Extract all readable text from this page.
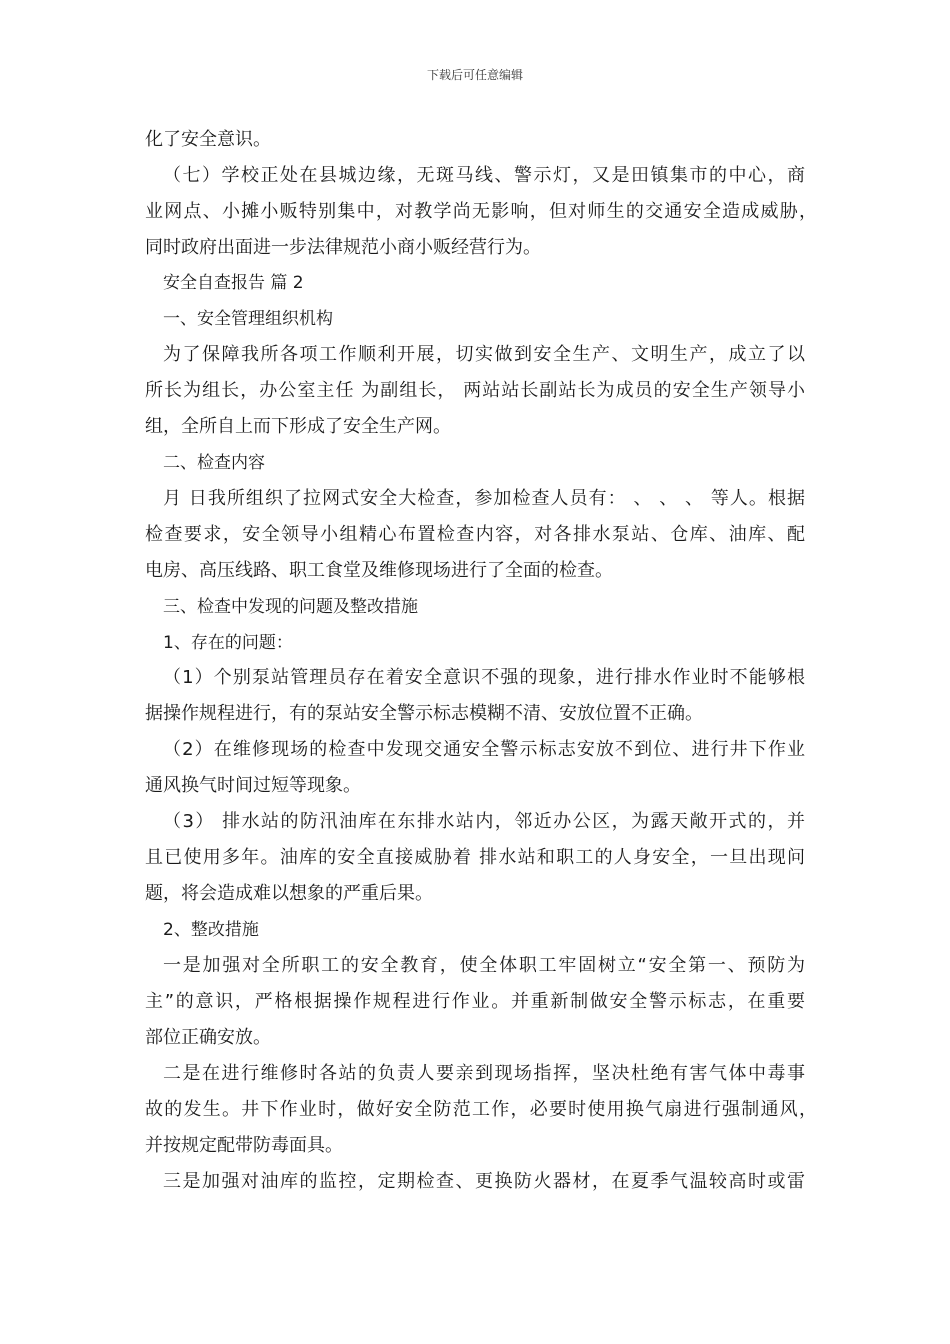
下载后可任意编辑
化了安全意识。
（七）学校正处在县城边缘，无斑马线、警示灯，又是田镇集市的中心，商
业网点、小摊小贩特别集中，对教学尚无影响，但对师生的交通安全造成威胁，
同时政府出面进一步法律规范小商小贩经营行为。
安全自查报告 篇 2
一、安全管理组织机构
为了保障我所各项工作顺利开展，切实做到安全生产、文明生产，成立了以
所长为组长，办公室主任 为副组长， 两站站长副站长为成员的安全生产领导小
组，全所自上而下形成了安全生产网。
二、检查内容
月 日我所组织了拉网式安全大检查，参加检查人员有： 、 、 、 等人。根据
检查要求，安全领导小组精心布置检查内容，对各排水泵站、仓库、油库、配
电房、高压线路、职工食堂及维修现场进行了全面的检查。
三、检查中发现的问题及整改措施
1、存在的问题：
（1）个别泵站管理员存在着安全意识不强的现象，进行排水作业时不能够根
据操作规程进行，有的泵站安全警示标志模糊不清、安放位置不正确。
（2）在维修现场的检查中发现交通安全警示标志安放不到位、进行井下作业
通风换气时间过短等现象。
（3） 排水站的防汛油库在东排水站内，邻近办公区，为露天敞开式的，并
且已使用多年。油库的安全直接威胁着 排水站和职工的人身安全，一旦出现问
题，将会造成难以想象的严重后果。
2、整改措施
一是加强对全所职工的安全教育，使全体职工牢固树立“安全第一、预防为
主”的意识，严格根据操作规程进行作业。并重新制做安全警示标志，在重要
部位正确安放。
二是在进行维修时各站的负责人要亲到现场指挥，坚决杜绝有害气体中毒事
故的发生。井下作业时，做好安全防范工作，必要时使用换气扇进行强制通风，
并按规定配带防毒面具。
三是加强对油库的监控，定期检查、更换防火器材，在夏季气温较高时或雷
